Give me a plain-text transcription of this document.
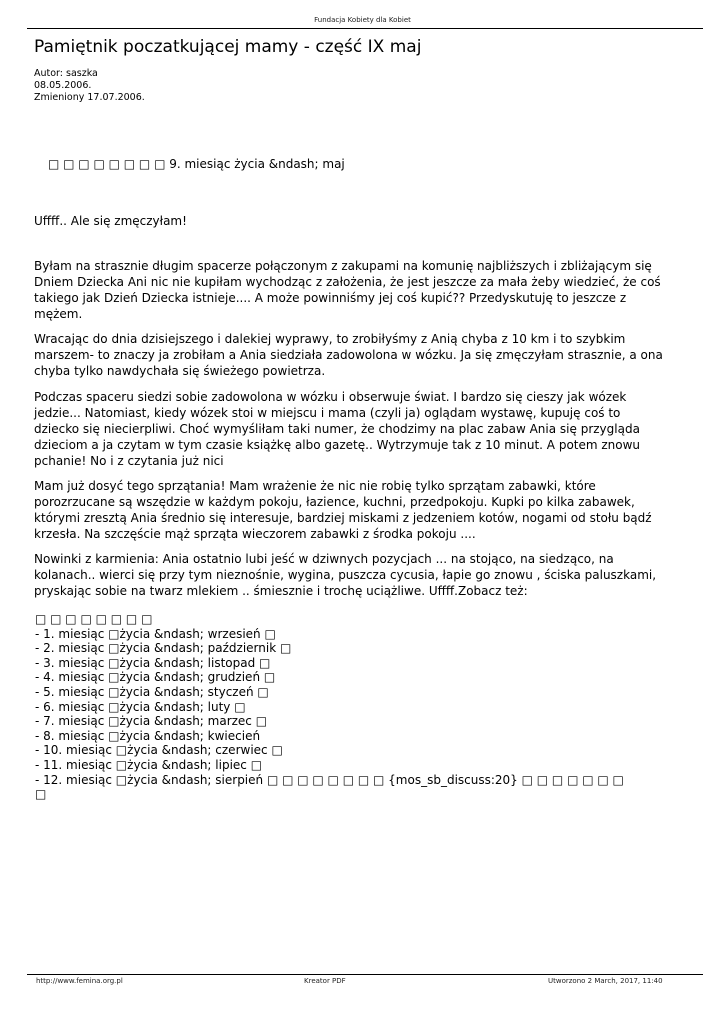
Fundacja Kobiety dla Kobiet
Pamiętnik poczatkującej mamy - część IX maj
Autor: saszka
08.05.2006.
Zmieniony 17.07.2006.
□ □ □ □ □ □ □ □ 9. miesiąc życia &ndash; maj
Uffff.. Ale się zmęczyłam!
Byłam na strasznie długim spacerze połączonym z zakupami na komunię najbliższych i zbliżającym się
Dniem Dziecka Ani nic nie kupiłam wychodząc z założenia, że jest jeszcze za mała żeby wiedzieć, że coś
takiego jak Dzień Dziecka istnieje.... A może powinniśmy jej coś kupić?? Przedyskutuję to jeszcze z
mężem.
Wracając do dnia dzisiejszego i dalekiej wyprawy, to zrobiłyśmy z Anią chyba z 10 km i to szybkim
marszem- to znaczy ja zrobiłam a Ania siedziała zadowolona w wózku. Ja się zmęczyłam strasznie, a ona
chyba tylko nawdychała się świeżego powietrza.
Podczas spaceru siedzi sobie zadowolona w wózku i obserwuje świat. I bardzo się cieszy jak wózek
jedzie... Natomiast, kiedy wózek stoi w miejscu i mama (czyli ja) oglądam wystawę, kupuję coś to
dziecko się niecierpliwi. Choć wymyśliłam taki numer, że chodzimy na plac zabaw Ania się przygląda
dzieciom a ja czytam w tym czasie książkę albo gazetę.. Wytrzymuje tak z 10 minut. A potem znowu
pchanie! No i z czytania już nici
Mam już dosyć tego sprzątania! Mam wrażenie że nic nie robię tylko sprzątam zabawki, które
porozrzucane są wszędzie w każdym pokoju, łazience, kuchni, przedpokoju. Kupki po kilka zabawek,
którymi zresztą Ania średnio się interesuje, bardziej miskami z jedzeniem kotów, nogami od stołu bądź
krzesła. Na szczęście mąż sprząta wieczorem zabawki z środka pokoju ....
Nowinki z karmienia: Ania ostatnio lubi jeść w dziwnych pozycjach ... na stojąco, na siedząco, na
kolanach.. wierci się przy tym nieznośnie, wygina, puszcza cycusia, łapie go znowu , ściska paluszkami,
pryskając sobie na twarz mlekiem .. śmiesznie i trochę uciążliwe. Uffff.Zobacz też:
□ □ □ □ □ □ □ □
- 1. miesiąc □życia &ndash; wrzesień □
- 2. miesiąc □życia &ndash; październik □
- 3. miesiąc □życia &ndash; listopad □
- 4. miesiąc □życia &ndash; grudzień □
- 5. miesiąc □życia &ndash; styczeń □
- 6. miesiąc □życia &ndash; luty □
- 7. miesiąc □życia &ndash; marzec □
- 8. miesiąc □życia &ndash; kwiecień
- 10. miesiąc □życia &ndash; czerwiec □
- 11. miesiąc □życia &ndash; lipiec □
- 12. miesiąc □życia &ndash; sierpień □ □ □ □ □ □ □ □ {mos_sb_discuss:20} □ □ □ □ □ □ □
□
http://www.femina.org.pl	Kreator PDF	Utworzono 2 March, 2017, 11:40
